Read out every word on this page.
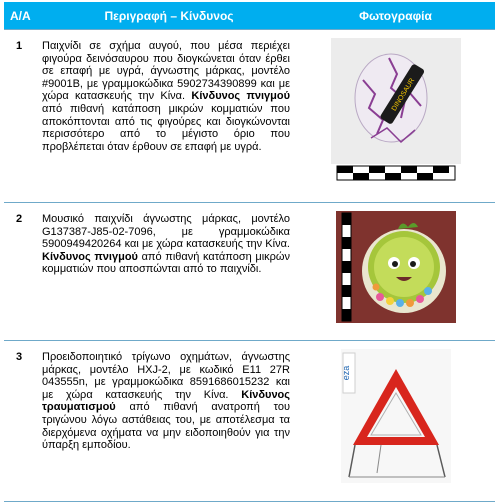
Α/Α	Περιγραφή – Κίνδυνος	Φωτογραφία
1	Παιχνίδι σε σχήμα αυγού, που μέσα περιέχει φιγούρα δεινόσαυρου που διογκώνεται όταν έρθει σε επαφή με υγρά, άγνωστης μάρκας, μοντέλο #9001B, με γραμμοκώδικα 5902734390899 και με χώρα κατασκευής την Κίνα. Κίνδυνος πνιγμού από πιθανή κατάποση μικρών κομματιών που αποκόπτονται από τις φιγούρες και διογκώνονται περισσότερο από το μέγιστο όριο που προβλέπεται όταν έρθουν σε επαφή με υγρά.	DINOSAUR

2	Μουσικό παιχνίδι άγνωστης μάρκας, μοντέλο G137387-J85-02-7096, με γραμμοκώδικα 5900949420264 και με χώρα κατασκευής την Κίνα. Κίνδυνος πνιγμού από πιθανή κατάποση μικρών κομματιών που αποσπώνται από το παιχνίδι.	

3	Προειδοποιητικό τρίγωνο οχημάτων, άγνωστης μάρκας, μοντέλο HXJ-2, με κωδικό E11 27R 043555n, με γραμμοκώδικα 8591686015232 και με χώρα κατασκευής την Κίνα. Κίνδυνος τραυματισμού από πιθανή ανατροπή του τριγώνου λόγω αστάθειας του, με αποτέλεσμα τα διερχόμενα οχήματα να μην ειδοποιηθούν για την ύπαρξη εμποδίου.	eza
